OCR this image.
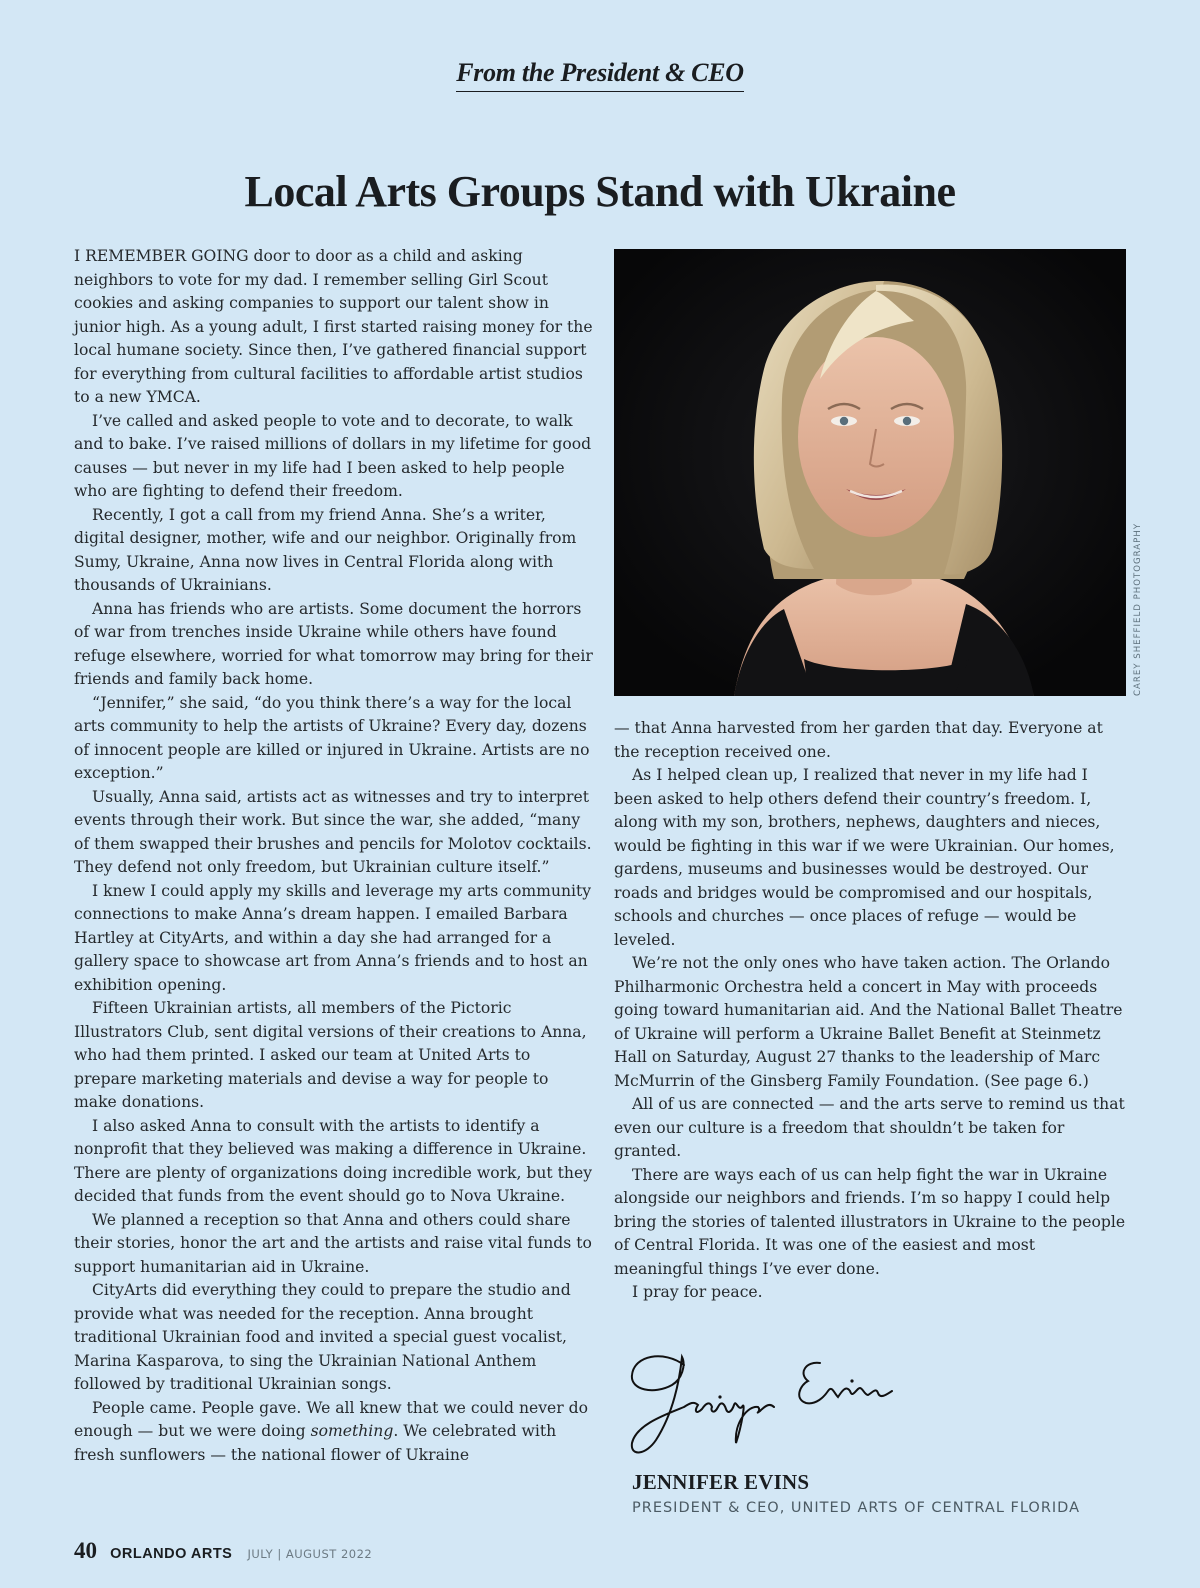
From the President & CEO
Local Arts Groups Stand with Ukraine

I REMEMBER GOING door to door as a child and asking neighbors to vote for my dad. I remember selling Girl Scout cookies and asking companies to support our talent show in junior high. As a young adult, I first started raising money for the local humane society. Since then, I’ve gathered financial support for everything from cultural facilities to affordable artist studios to a new YMCA.

I’ve called and asked people to vote and to decorate, to walk and to bake. I’ve raised millions of dollars in my lifetime for good causes — but never in my life had I been asked to help people who are fighting to defend their freedom.

Recently, I got a call from my friend Anna. She’s a writer, digital designer, mother, wife and our neighbor. Originally from Sumy, Ukraine, Anna now lives in Central Florida along with thousands of Ukrainians.

Anna has friends who are artists. Some document the horrors of war from trenches inside Ukraine while others have found refuge elsewhere, worried for what tomorrow may bring for their friends and family back home.

“Jennifer,” she said, “do you think there’s a way for the local arts community to help the artists of Ukraine? Every day, dozens of innocent people are killed or injured in Ukraine. Artists are no exception.”

Usually, Anna said, artists act as witnesses and try to interpret events through their work. But since the war, she added, “many of them swapped their brushes and pencils for Molotov cocktails. They defend not only freedom, but Ukrainian culture itself.”

I knew I could apply my skills and leverage my arts community connections to make Anna’s dream happen. I emailed Barbara Hartley at CityArts, and within a day she had arranged for a gallery space to showcase art from Anna’s friends and to host an exhibition opening.

Fifteen Ukrainian artists, all members of the Pictoric Illustrators Club, sent digital versions of their creations to Anna, who had them printed. I asked our team at United Arts to prepare marketing materials and devise a way for people to make donations.

I also asked Anna to consult with the artists to identify a nonprofit that they believed was making a difference in Ukraine. There are plenty of organizations doing incredible work, but they decided that funds from the event should go to Nova Ukraine.

We planned a reception so that Anna and others could share their stories, honor the art and the artists and raise vital funds to support humanitarian aid in Ukraine.

CityArts did everything they could to prepare the studio and provide what was needed for the reception. Anna brought traditional Ukrainian food and invited a special guest vocalist, Marina Kasparova, to sing the Ukrainian National Anthem followed by traditional Ukrainian songs.

People came. People gave. We all knew that we could never do enough — but we were doing something. We celebrated with fresh sunflowers — the national flower of Ukraine

CAREY SHEFFIELD PHOTOGRAPHY

— that Anna harvested from her garden that day. Everyone at the reception received one.

As I helped clean up, I realized that never in my life had I been asked to help others defend their country’s freedom. I, along with my son, brothers, nephews, daughters and nieces, would be fighting in this war if we were Ukrainian. Our homes, gardens, museums and businesses would be destroyed. Our roads and bridges would be compromised and our hospitals, schools and churches — once places of refuge — would be leveled.

We’re not the only ones who have taken action. The Orlando Philharmonic Orchestra held a concert in May with proceeds going toward humanitarian aid. And the National Ballet Theatre of Ukraine will perform a Ukraine Ballet Benefit at Steinmetz Hall on Saturday, August 27 thanks to the leadership of Marc McMurrin of the Ginsberg Family Foundation. (See page 6.)

All of us are connected — and the arts serve to remind us that even our culture is a freedom that shouldn’t be taken for granted.

There are ways each of us can help fight the war in Ukraine alongside our neighbors and friends. I’m so happy I could help bring the stories of talented illustrators in Ukraine to the people of Central Florida. It was one of the easiest and most meaningful things I’ve ever done.

I pray for peace.

JENNIFER EVINS
PRESIDENT & CEO, UNITED ARTS OF CENTRAL FLORIDA
40 ORLANDO ARTS JULY | AUGUST 2022
